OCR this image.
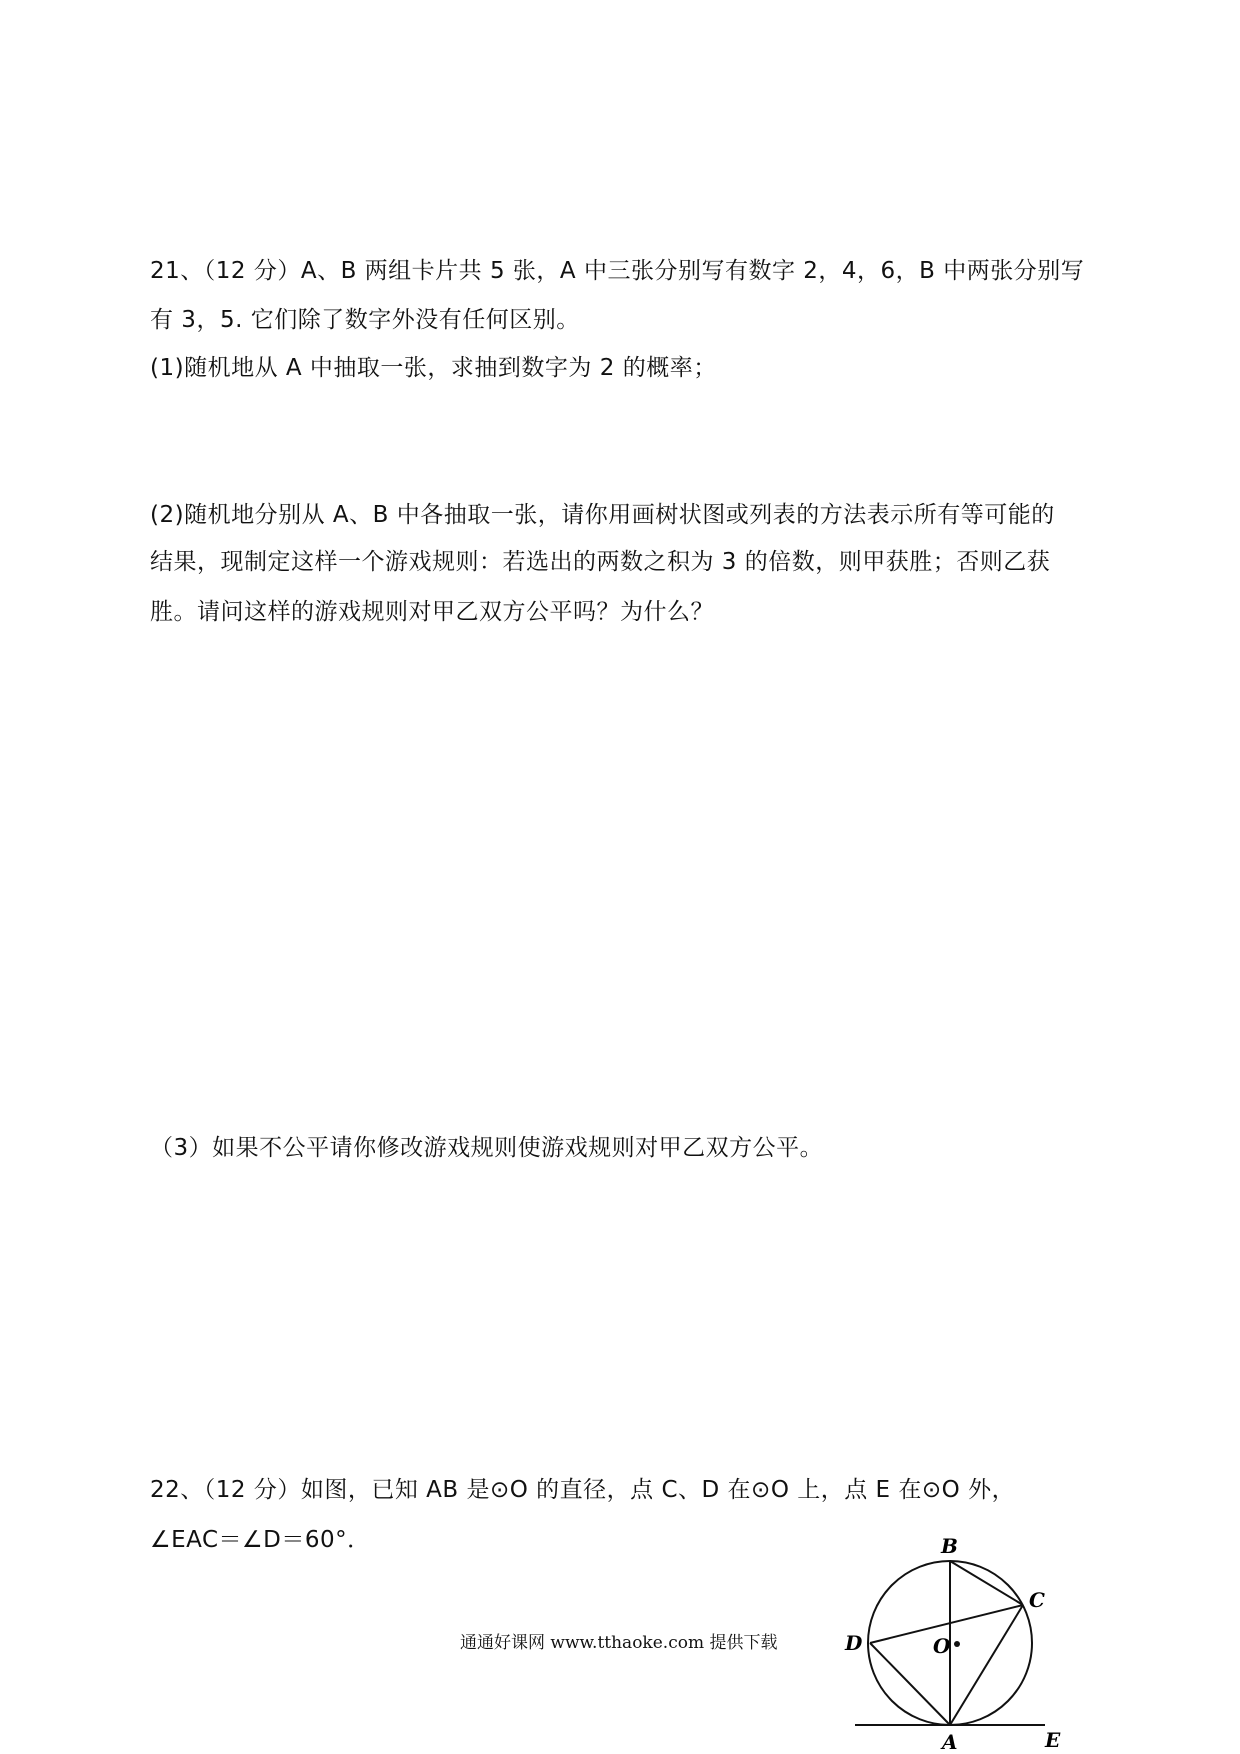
21、（12 分）A、B 两组卡片共 5 张，A 中三张分别写有数字 2，4，6，B 中两张分别写
有 3，5. 它们除了数字外没有任何区别。
(1)随机地从 A 中抽取一张，求抽到数字为 2 的概率；
(2)随机地分别从 A、B 中各抽取一张，请你用画树状图或列表的方法表示所有等可能的
结果，现制定这样一个游戏规则：若选出的两数之积为 3 的倍数，则甲获胜；否则乙获
胜。请问这样的游戏规则对甲乙双方公平吗？为什么？
（3）如果不公平请你修改游戏规则使游戏规则对甲乙双方公平。
22、（12 分）如图，已知 AB 是⊙O 的直径，点 C、D 在⊙O 上，点 E 在⊙O 外，
∠EAC＝∠D＝60°．
通通好课网 www.tthaoke.com 提供下载
B
C
D	O
A	E
